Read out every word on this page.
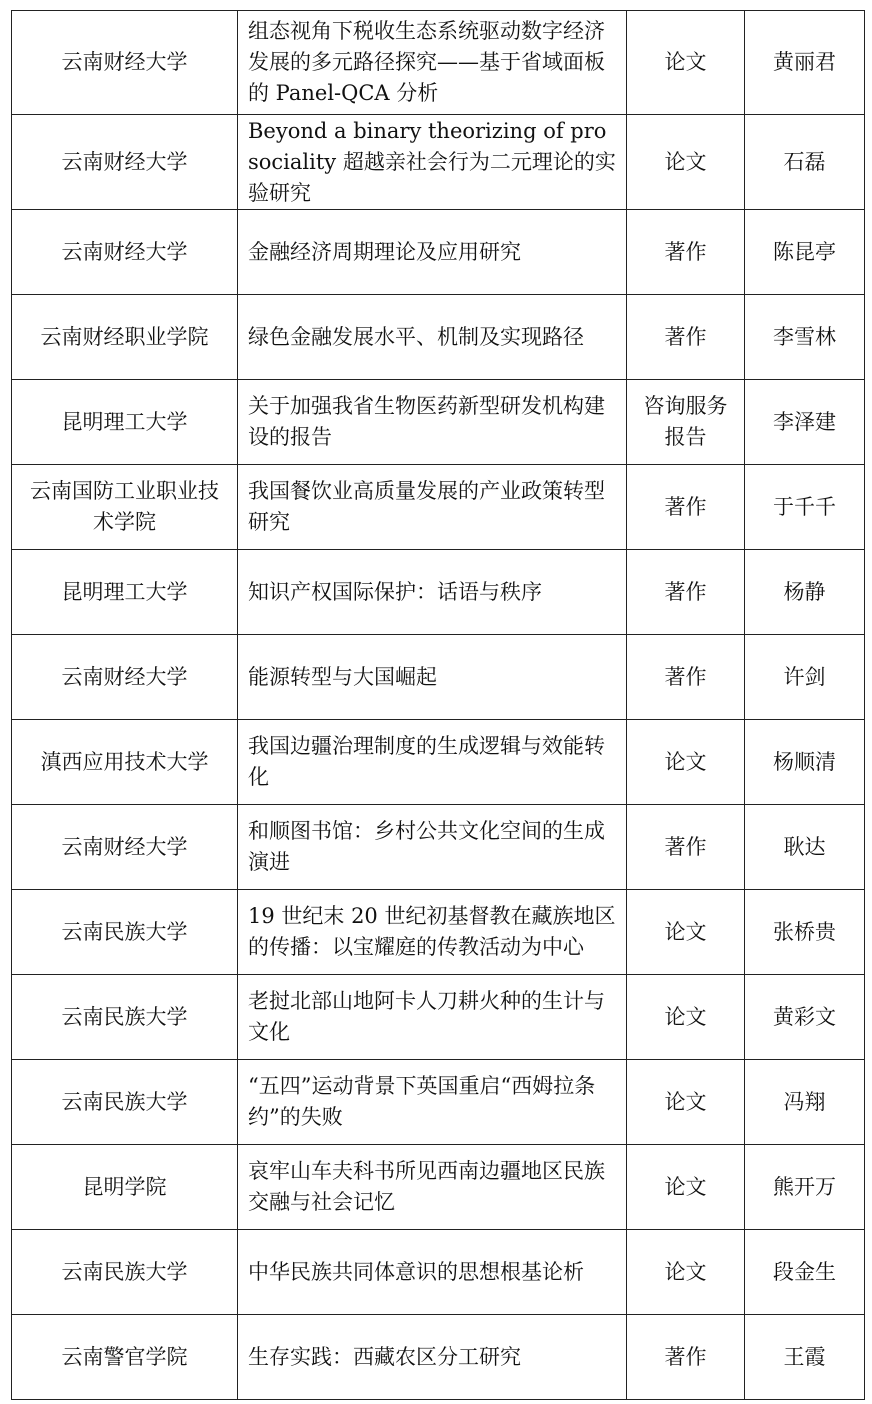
云南财经大学	组态视角下税收生态系统驱动数字经济发展的多元路径探究——基于省域面板的 Panel-QCA 分析	论文	黄丽君
云南财经大学	Beyond a binary theorizing of prosociality 超越亲社会行为二元理论的实验研究	论文	石磊
云南财经大学	金融经济周期理论及应用研究	著作	陈昆亭
云南财经职业学院	绿色金融发展水平、机制及实现路径	著作	李雪林
昆明理工大学	关于加强我省生物医药新型研发机构建设的报告	咨询服务报告	李泽建
云南国防工业职业技术学院	我国餐饮业高质量发展的产业政策转型研究	著作	于千千
昆明理工大学	知识产权国际保护：话语与秩序	著作	杨静
云南财经大学	能源转型与大国崛起	著作	许剑
滇西应用技术大学	我国边疆治理制度的生成逻辑与效能转化	论文	杨顺清
云南财经大学	和顺图书馆：乡村公共文化空间的生成演进	著作	耿达
云南民族大学	19 世纪末 20 世纪初基督教在藏族地区的传播：以宝耀庭的传教活动为中心	论文	张桥贵
云南民族大学	老挝北部山地阿卡人刀耕火种的生计与文化	论文	黄彩文
云南民族大学	“五四”运动背景下英国重启“西姆拉条约”的失败	论文	冯翔
昆明学院	哀牢山车夫科书所见西南边疆地区民族交融与社会记忆	论文	熊开万
云南民族大学	中华民族共同体意识的思想根基论析	论文	段金生
云南警官学院	生存实践：西藏农区分工研究	著作	王霞
